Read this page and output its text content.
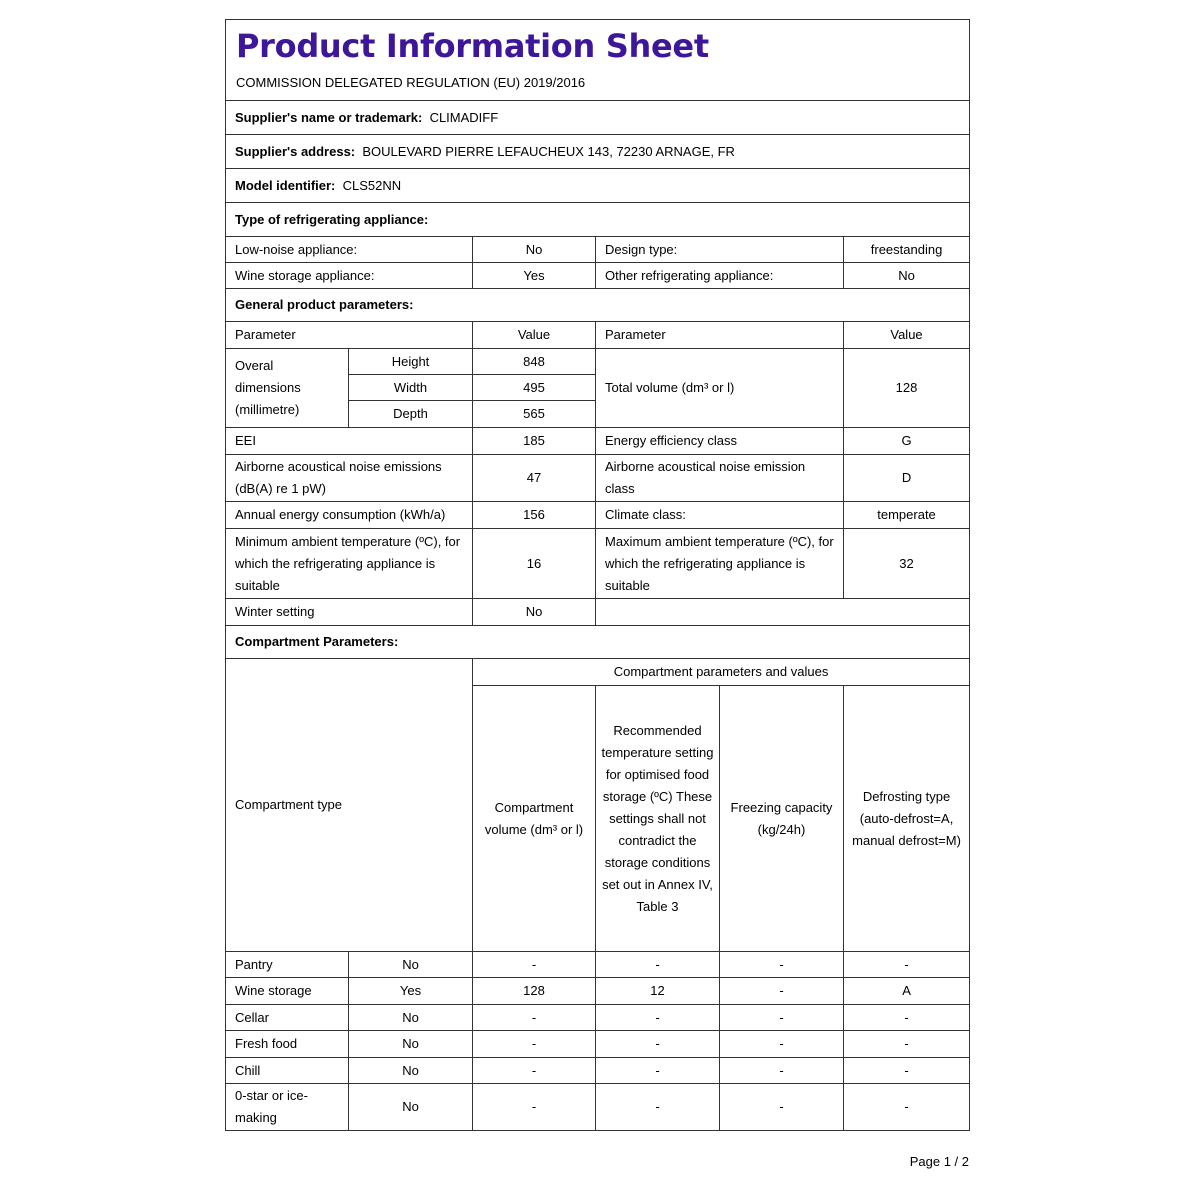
Product Information Sheet
COMMISSION DELEGATED REGULATION (EU) 2019/2016					

Supplier's name or trademark: CLIMADIFF					
Supplier's address: BOULEVARD PIERRE LEFAUCHEUX 143, 72230 ARNAGE, FR					
Model identifier: CLS52NN					
Type of refrigerating appliance:					
Low-noise appliance:		No	Design type:		freestanding
Wine storage appliance:		Yes	Other refrigerating appliance:		No
General product parameters:					
Parameter		Value	Parameter		Value
Overal dimensions (millimetre)	Height	848	Total volume (dm³ or l)		128
	Width	495			
	Depth	565			
EEI		185	Energy efficiency class		G
Airborne acoustical noise emissions (dB(A) re 1 pW)		47	Airborne acoustical noise emission class		D
Annual energy consumption (kWh/a)		156	Climate class:		temperate
Minimum ambient temperature (ºC), for which the refrigerating appliance is suitable		16	Maximum ambient temperature (ºC), for which the refrigerating appliance is suitable		32
Winter setting		No			
Compartment Parameters:					
Compartment type		Compartment parameters and values			
		Compartment volume (dm³ or l)	Recommended temperature setting for optimised food storage (ºC) These settings shall not contradict the storage conditions set out in Annex IV, Table 3	Freezing capacity (kg/24h)	Defrosting type (auto-defrost=A, manual defrost=M)
Pantry	No	-	-	-	-
Wine storage	Yes	128	12	-	A
Cellar	No	-	-	-	-
Fresh food	No	-	-	-	-
Chill	No	-	-	-	-
0-star or ice-making	No	-	-	-	-
Page 1 / 2
